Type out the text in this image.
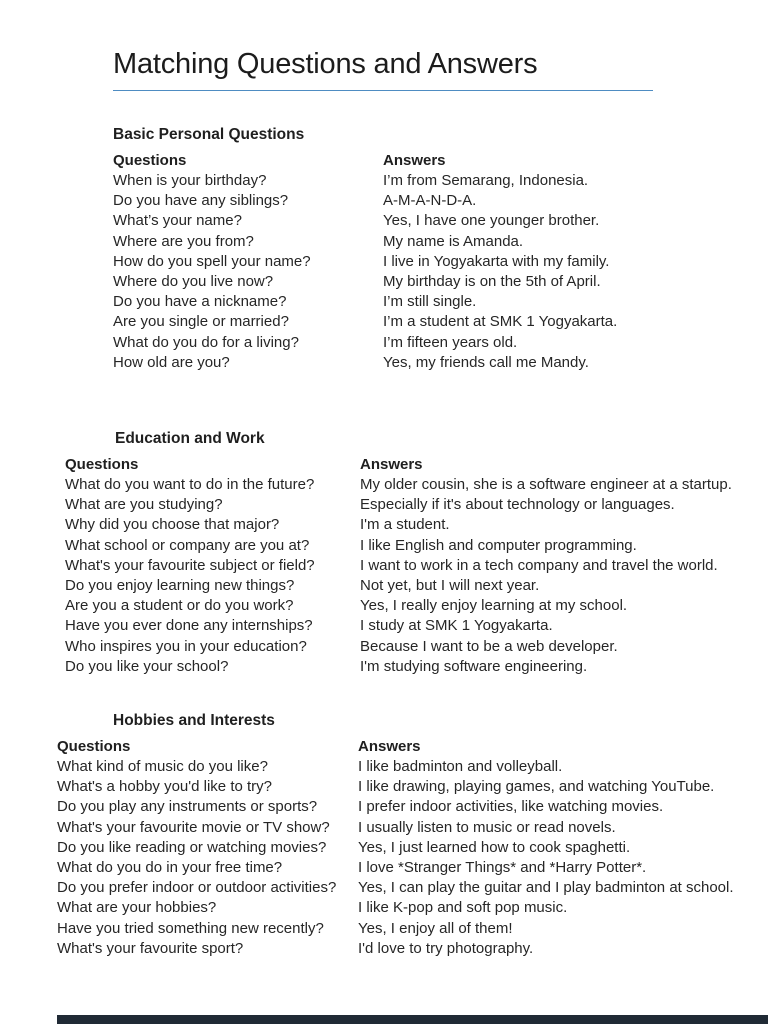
Matching Questions and Answers
Basic Personal Questions
Questions
When is your birthday?
Do you have any siblings?
What’s your name?
Where are you from?
How do you spell your name?
Where do you live now?
Do you have a nickname?
Are you single or married?
What do you do for a living?
How old are you?
Answers
I’m from Semarang, Indonesia.
A-M-A-N-D-A.
Yes, I have one younger brother.
My name is Amanda.
I live in Yogyakarta with my family.
My birthday is on the 5th of April.
I’m still single.
I’m a student at SMK 1 Yogyakarta.
I’m fifteen years old.
Yes, my friends call me Mandy.
Education and Work
Questions
What do you want to do in the future?
What are you studying?
Why did you choose that major?
What school or company are you at?
What's your favourite subject or field?
Do you enjoy learning new things?
Are you a student or do you work?
Have you ever done any internships?
Who inspires you in your education?
Do you like your school?
Answers
My older cousin, she is a software engineer at a startup.
Especially if it's about technology or languages.
I'm a student.
I like English and computer programming.
I want to work in a tech company and travel the world.
Not yet, but I will next year.
Yes, I really enjoy learning at my school.
I study at SMK 1 Yogyakarta.
Because I want to be a web developer.
I'm studying software engineering.
Hobbies and Interests
Questions
What kind of music do you like?
What's a hobby you'd like to try?
Do you play any instruments or sports?
What's your favourite movie or TV show?
Do you like reading or watching movies?
What do you do in your free time?
Do you prefer indoor or outdoor activities?
What are your hobbies?
Have you tried something new recently?
What's your favourite sport?
Answers
I like badminton and volleyball.
I like drawing, playing games, and watching YouTube.
I prefer indoor activities, like watching movies.
I usually listen to music or read novels.
Yes, I just learned how to cook spaghetti.
I love *Stranger Things* and *Harry Potter*.
Yes, I can play the guitar and I play badminton at school.
I like K-pop and soft pop music.
Yes, I enjoy all of them!
I'd love to try photography.
